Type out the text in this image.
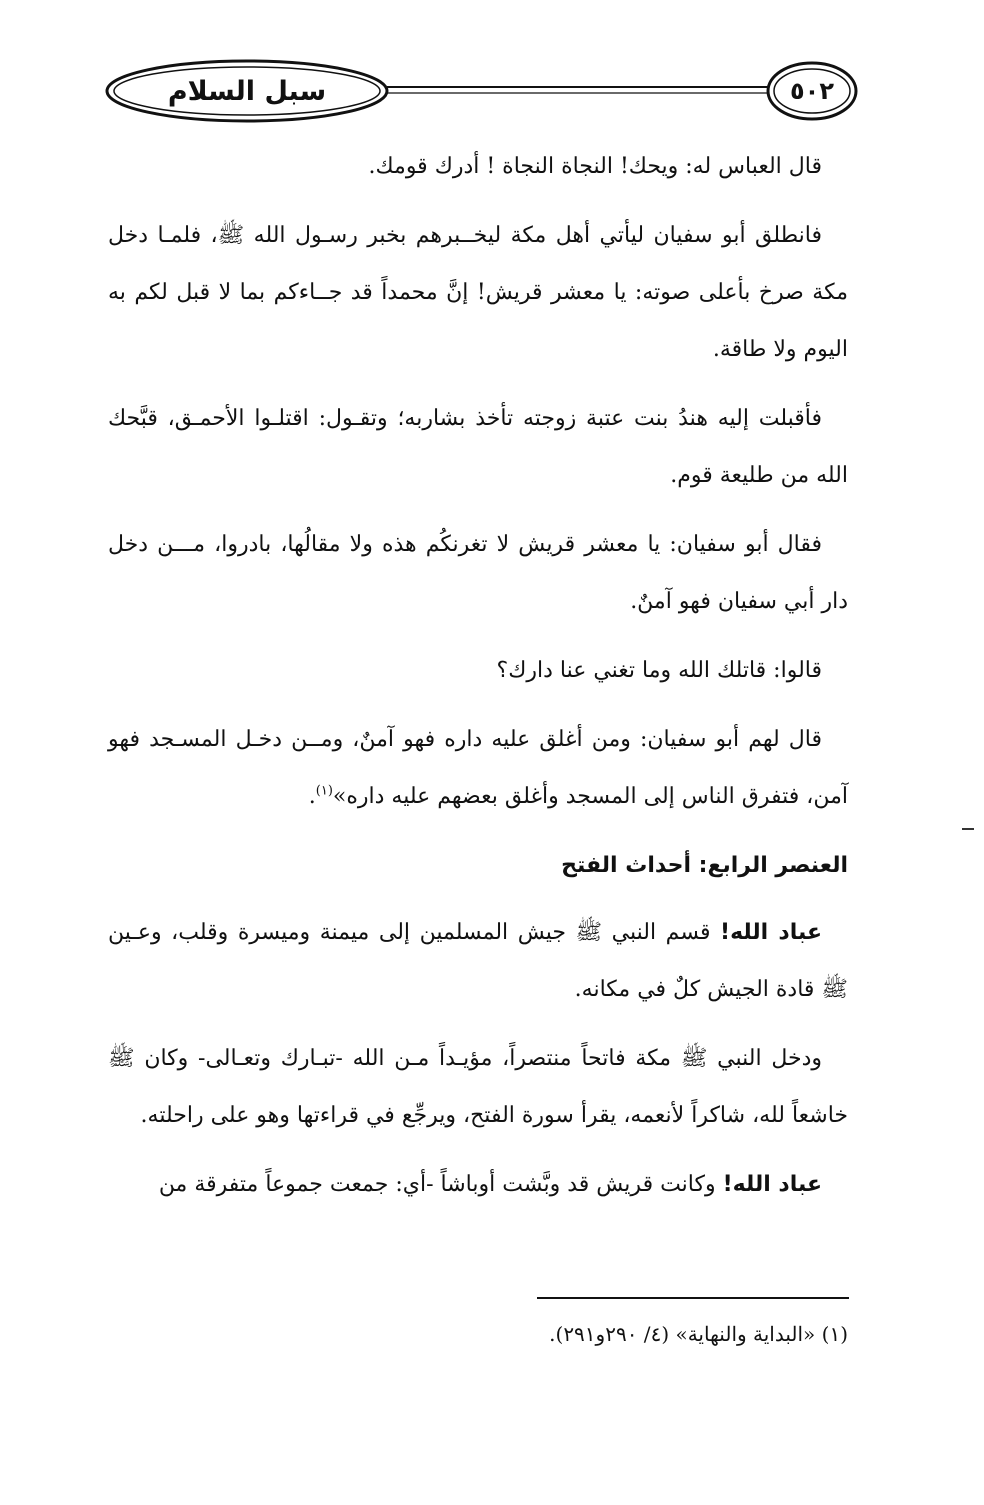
سبل السلام	٥٠٢

قال العباس له: ويحك! النجاة النجاة ! أدرك قومك.

فانطلق أبو سفيان ليأتي أهل مكة ليخــبرهم بخبر رسـول الله ﷺ، فلمـا دخل مكة صرخ بأعلى صوته: يا معشر قريش! إنَّ محمداً قد جــاءكم بما لا قبل لكم به اليوم ولا طاقة.

فأقبلت إليه هندُ بنت عتبة زوجته تأخذ بشاربه؛ وتقـول: اقتلـوا الأحمـق، قبَّحك الله من طليعة قوم.

فقال أبو سفيان: يا معشر قريش لا تغرنكُم هذه ولا مقالُها، بادروا، مـــن دخل دار أبي سفيان فهو آمنٌ.

قالوا: قاتلك الله وما تغني عنا دارك؟

قال لهم أبو سفيان: ومن أغلق عليه داره فهو آمنٌ، ومــن دخـل المسـجد فهو آمن، فتفرق الناس إلى المسجد وأغلق بعضهم عليه داره»$^{(١)}$.

العنصر الرابع: أحداث الفتح

عباد الله! قسم النبي ﷺ جيش المسلمين إلى ميمنة وميسرة وقلب، وعـين ﷺ قادة الجيش كلٌ في مكانه.

ودخل النبي ﷺ مكة فاتحاً منتصراً، مؤيـداً مـن الله -تبـارك وتعـالى- وكان ﷺ خاشعاً لله، شاكراً لأنعمه، يقرأ سورة الفتح، ويرجِّع في قراءتها وهو على راحلته.

عباد الله! وكانت قريش قد وبَّشت أوباشاً -أي: جمعت جموعاً متفرقة من

(١) «البداية والنهاية» (٤/ ٢٩٠و٢٩١).
